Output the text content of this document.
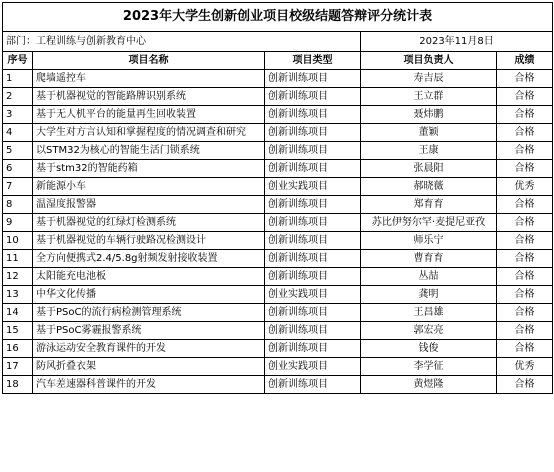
2023年大学生创新创业项目校级结题答辩评分统计表				
部门：工程训练与创新教育中心			2023年11月8日	
序号	项目名称	项目类型	项目负责人	成绩
1	爬墙遥控车	创新训练项目	寿吉辰	合格
2	基于机器视觉的智能路牌识别系统	创新训练项目	王立群	合格
3	基于无人机平台的能量再生回收装置	创新训练项目	聂炜鹏	合格
4	大学生对方言认知和掌握程度的情况调查和研究	创新训练项目	董颖	合格
5	以STM32为核心的智能生活门锁系统	创新训练项目	王康	合格
6	基于stm32的智能药箱	创新训练项目	张晨阳	合格
7	新能源小车	创业实践项目	郝晓薇	优秀
8	温湿度报警器	创新训练项目	郑育育	合格
9	基于机器视觉的红绿灯检测系统	创新训练项目	苏比伊努尔罕·麦提尼亚孜	合格
10	基于机器视觉的车辆行驶路况检测设计	创新训练项目	师乐宁	合格
11	全方向便携式2.4/5.8g射频发射接收装置	创新训练项目	曹育育	合格
12	太阳能充电池板	创新训练项目	丛喆	合格
13	中华文化传播	创业实践项目	龚明	合格
14	基于PSoC的流行病检测管理系统	创新训练项目	王昌雄	合格
15	基于PSoC雾霾报警系统	创新训练项目	郭宏亮	合格
16	游泳运动安全教育课件的开发	创新训练项目	钱俊	合格
17	防风折叠衣架	创业实践项目	李学征	优秀
18	汽车差速器科普课件的开发	创新训练项目	黄煜隆	合格
